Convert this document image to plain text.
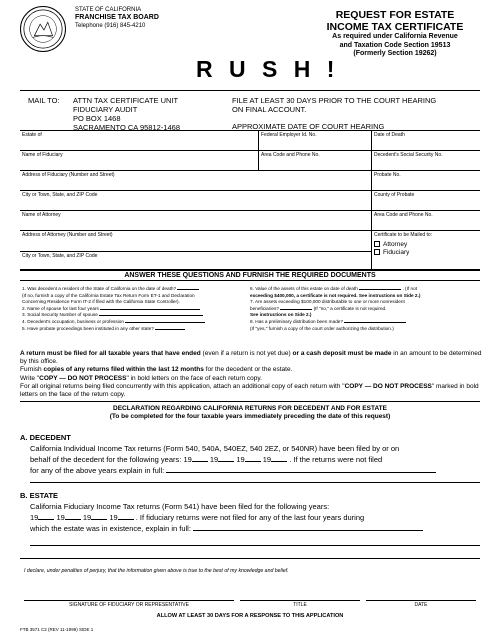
STATE OF CALIFORNIA
FRANCHISE TAX BOARD
Telephone (916) 845-4210
R U S H !
REQUEST FOR ESTATE
INCOME TAX CERTIFICATE
As required under California Revenue
and Taxation Code Section 19513
(Formerly Section 19262)
MAIL TO: ATTN TAX CERTIFICATE UNIT
FIDUCIARY AUDIT
PO BOX 1468
SACRAMENTO CA 95812-1468
FILE AT LEAST 30 DAYS PRIOR TO THE COURT HEARING
ON FINAL ACCOUNT.
APPROXIMATE DATE OF COURT HEARING
Estate of	Federal Employer Id. No.	Date of Death
Name of Fiduciary	Area Code and Phone No.	Decedent's Social Security No.
Address of Fiduciary (Number and Street)	Probate No.
City or Town, State, and ZIP Code	County of Probate
Name of Attorney	Area Code and Phone No.
Address of Attorney (Number and Street)
City or Town, State, and ZIP Code
Certificate to be Mailed to:
Attorney
Fiduciary
ANSWER THESE QUESTIONS AND FURNISH THE REQUIRED DOCUMENTS
1. Was decedent a resident of the State of California on the date of death?
(If no, furnish a copy of the California Estate Tax Return Form ET-1 and Declaration
Concerning Residence Form IT-2 if filed with the California State Controller).
2. Name of spouse for last four years
3. Social Security Number of spouse
4. Decedent's occupation, business or profession
5. Have probate proceedings been instituted in any other state?
6. Value of the assets of this estate on date of death	. (If not
exceeding $400,000, a certificate is not required. See instructions on Side 2.)
7. Are assets exceeding $100,000 distributable to one or more nonresident
beneficiaries?	(If "no," a certificate is not required.
See instructions on Side 2.)
8. Has a preliminary distribution been made?
(If "yes," furnish a copy of the court order authorizing the distribution.)

A return must be filed for all taxable years that have ended (even if a return is not yet due) or a cash deposit must be made in an amount to be determined by this office.

Furnish copies of any returns filed within the last 12 months for the decedent or the estate.

Write "COPY — DO NOT PROCESS" in bold letters on the face of each return copy.

For all original returns being filed concurrently with this application, attach an additional copy of each return with "COPY — DO NOT PROCESS" marked in bold letters on the face of the return copy.

DECLARATION REGARDING CALIFORNIA RETURNS FOR DECEDENT AND FOR ESTATE
(To be completed for the four taxable years immediately preceding the date of this request)
A. DECEDENT
California Individual Income Tax returns (Form 540, 540A, 540EZ, 540 2EZ, or 540NR) have been filed by or on
behalf of the decedent for the following years: 19 19 19 19 . If the returns were not filed
for any of the above years explain in full:
B. ESTATE
California Fiduciary Income Tax returns (Form 541) have been filed for the following years:
19 19 19 19 . If fiduciary returns were not filed for any of the last four years during
which the estate was in existence, explain in full:
I declare, under penalties of perjury, that the information given above is true to the best of my knowledge and belief.
SIGNATURE OF FIDUCIARY OR REPRESENTATIVE	TITLE	DATE
ALLOW AT LEAST 30 DAYS FOR A RESPONSE TO THIS APPLICATION
FTB 3571 C2 (REV 11-1999) SIDE 1
